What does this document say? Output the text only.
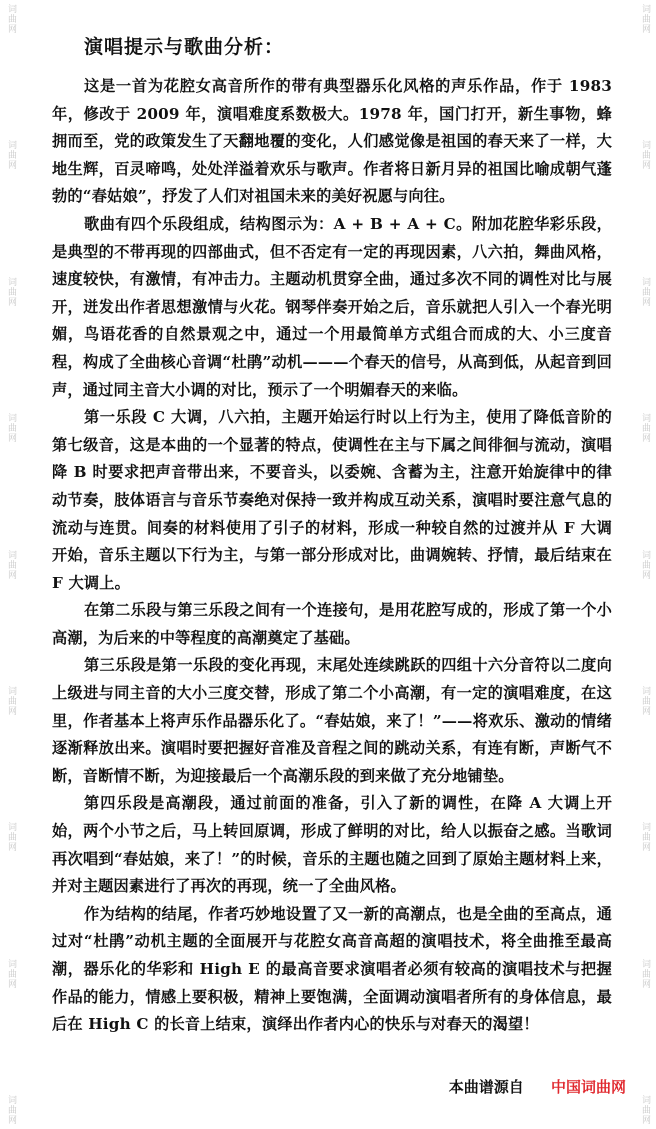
词曲网
词曲网
词曲网
词曲网
词曲网
词曲网
词曲网
词曲网
词曲网
词曲网
词曲网
词曲网
词曲网
词曲网
词曲网
词曲网
词曲网
词曲网
演唱提示与歌曲分析：

这是一首为花腔女高音所作的带有典型器乐化风格的声乐作品，作于 1983 年，修改于 2009 年，演唱难度系数极大。1978 年，国门打开，新生事物，蜂拥而至，党的政策发生了天翻地覆的变化，人们感觉像是祖国的春天来了一样，大地生辉，百灵啼鸣，处处洋溢着欢乐与歌声。作者将日新月异的祖国比喻成朝气蓬勃的“春姑娘”，抒发了人们对祖国未来的美好祝愿与向往。

歌曲有四个乐段组成，结构图示为：A + B + A + C。附加花腔华彩乐段，是典型的不带再现的四部曲式，但不否定有一定的再现因素，八六拍，舞曲风格，速度较快，有激情，有冲击力。主题动机贯穿全曲，通过多次不同的调性对比与展开，迸发出作者思想激情与火花。钢琴伴奏开始之后，音乐就把人引入一个春光明媚，鸟语花香的自然景观之中，通过一个用最简单方式组合而成的大、小三度音程，构成了全曲核心音调“杜鹃”动机———个春天的信号，从高到低，从起音到回声，通过同主音大小调的对比，预示了一个明媚春天的来临。

第一乐段 C 大调，八六拍，主题开始运行时以上行为主，使用了降低音阶的第七级音，这是本曲的一个显著的特点，使调性在主与下属之间徘徊与流动，演唱降 B 时要求把声音带出来，不要音头，以委婉、含蓄为主，注意开始旋律中的律动节奏，肢体语言与音乐节奏绝对保持一致并构成互动关系，演唱时要注意气息的流动与连贯。间奏的材料使用了引子的材料，形成一种较自然的过渡并从 F 大调开始，音乐主题以下行为主，与第一部分形成对比，曲调婉转、抒情，最后结束在 F 大调上。

在第二乐段与第三乐段之间有一个连接句，是用花腔写成的，形成了第一个小高潮，为后来的中等程度的高潮奠定了基础。

第三乐段是第一乐段的变化再现，末尾处连续跳跃的四组十六分音符以二度向上级进与同主音的大小三度交替，形成了第二个小高潮，有一定的演唱难度，在这里，作者基本上将声乐作品器乐化了。“春姑娘，来了！”——将欢乐、激动的情绪逐渐释放出来。演唱时要把握好音准及音程之间的跳动关系，有连有断，声断气不断，音断情不断，为迎接最后一个高潮乐段的到来做了充分地铺垫。

第四乐段是高潮段，通过前面的准备，引入了新的调性，在降 A 大调上开始，两个小节之后，马上转回原调，形成了鲜明的对比，给人以振奋之感。当歌词再次唱到“春姑娘，来了！”的时候，音乐的主题也随之回到了原始主题材料上来，并对主题因素进行了再次的再现，统一了全曲风格。

作为结构的结尾，作者巧妙地设置了又一新的高潮点，也是全曲的至高点，通过对“杜鹃”动机主题的全面展开与花腔女高音高超的演唱技术，将全曲推至最高潮，器乐化的华彩和 High E 的最高音要求演唱者必须有较高的演唱技术与把握作品的能力，情感上要积极，精神上要饱满，全面调动演唱者所有的身体信息，最后在 High C 的长音上结束，演绎出作者内心的快乐与对春天的渴望！

本曲谱源自 中国词曲网
